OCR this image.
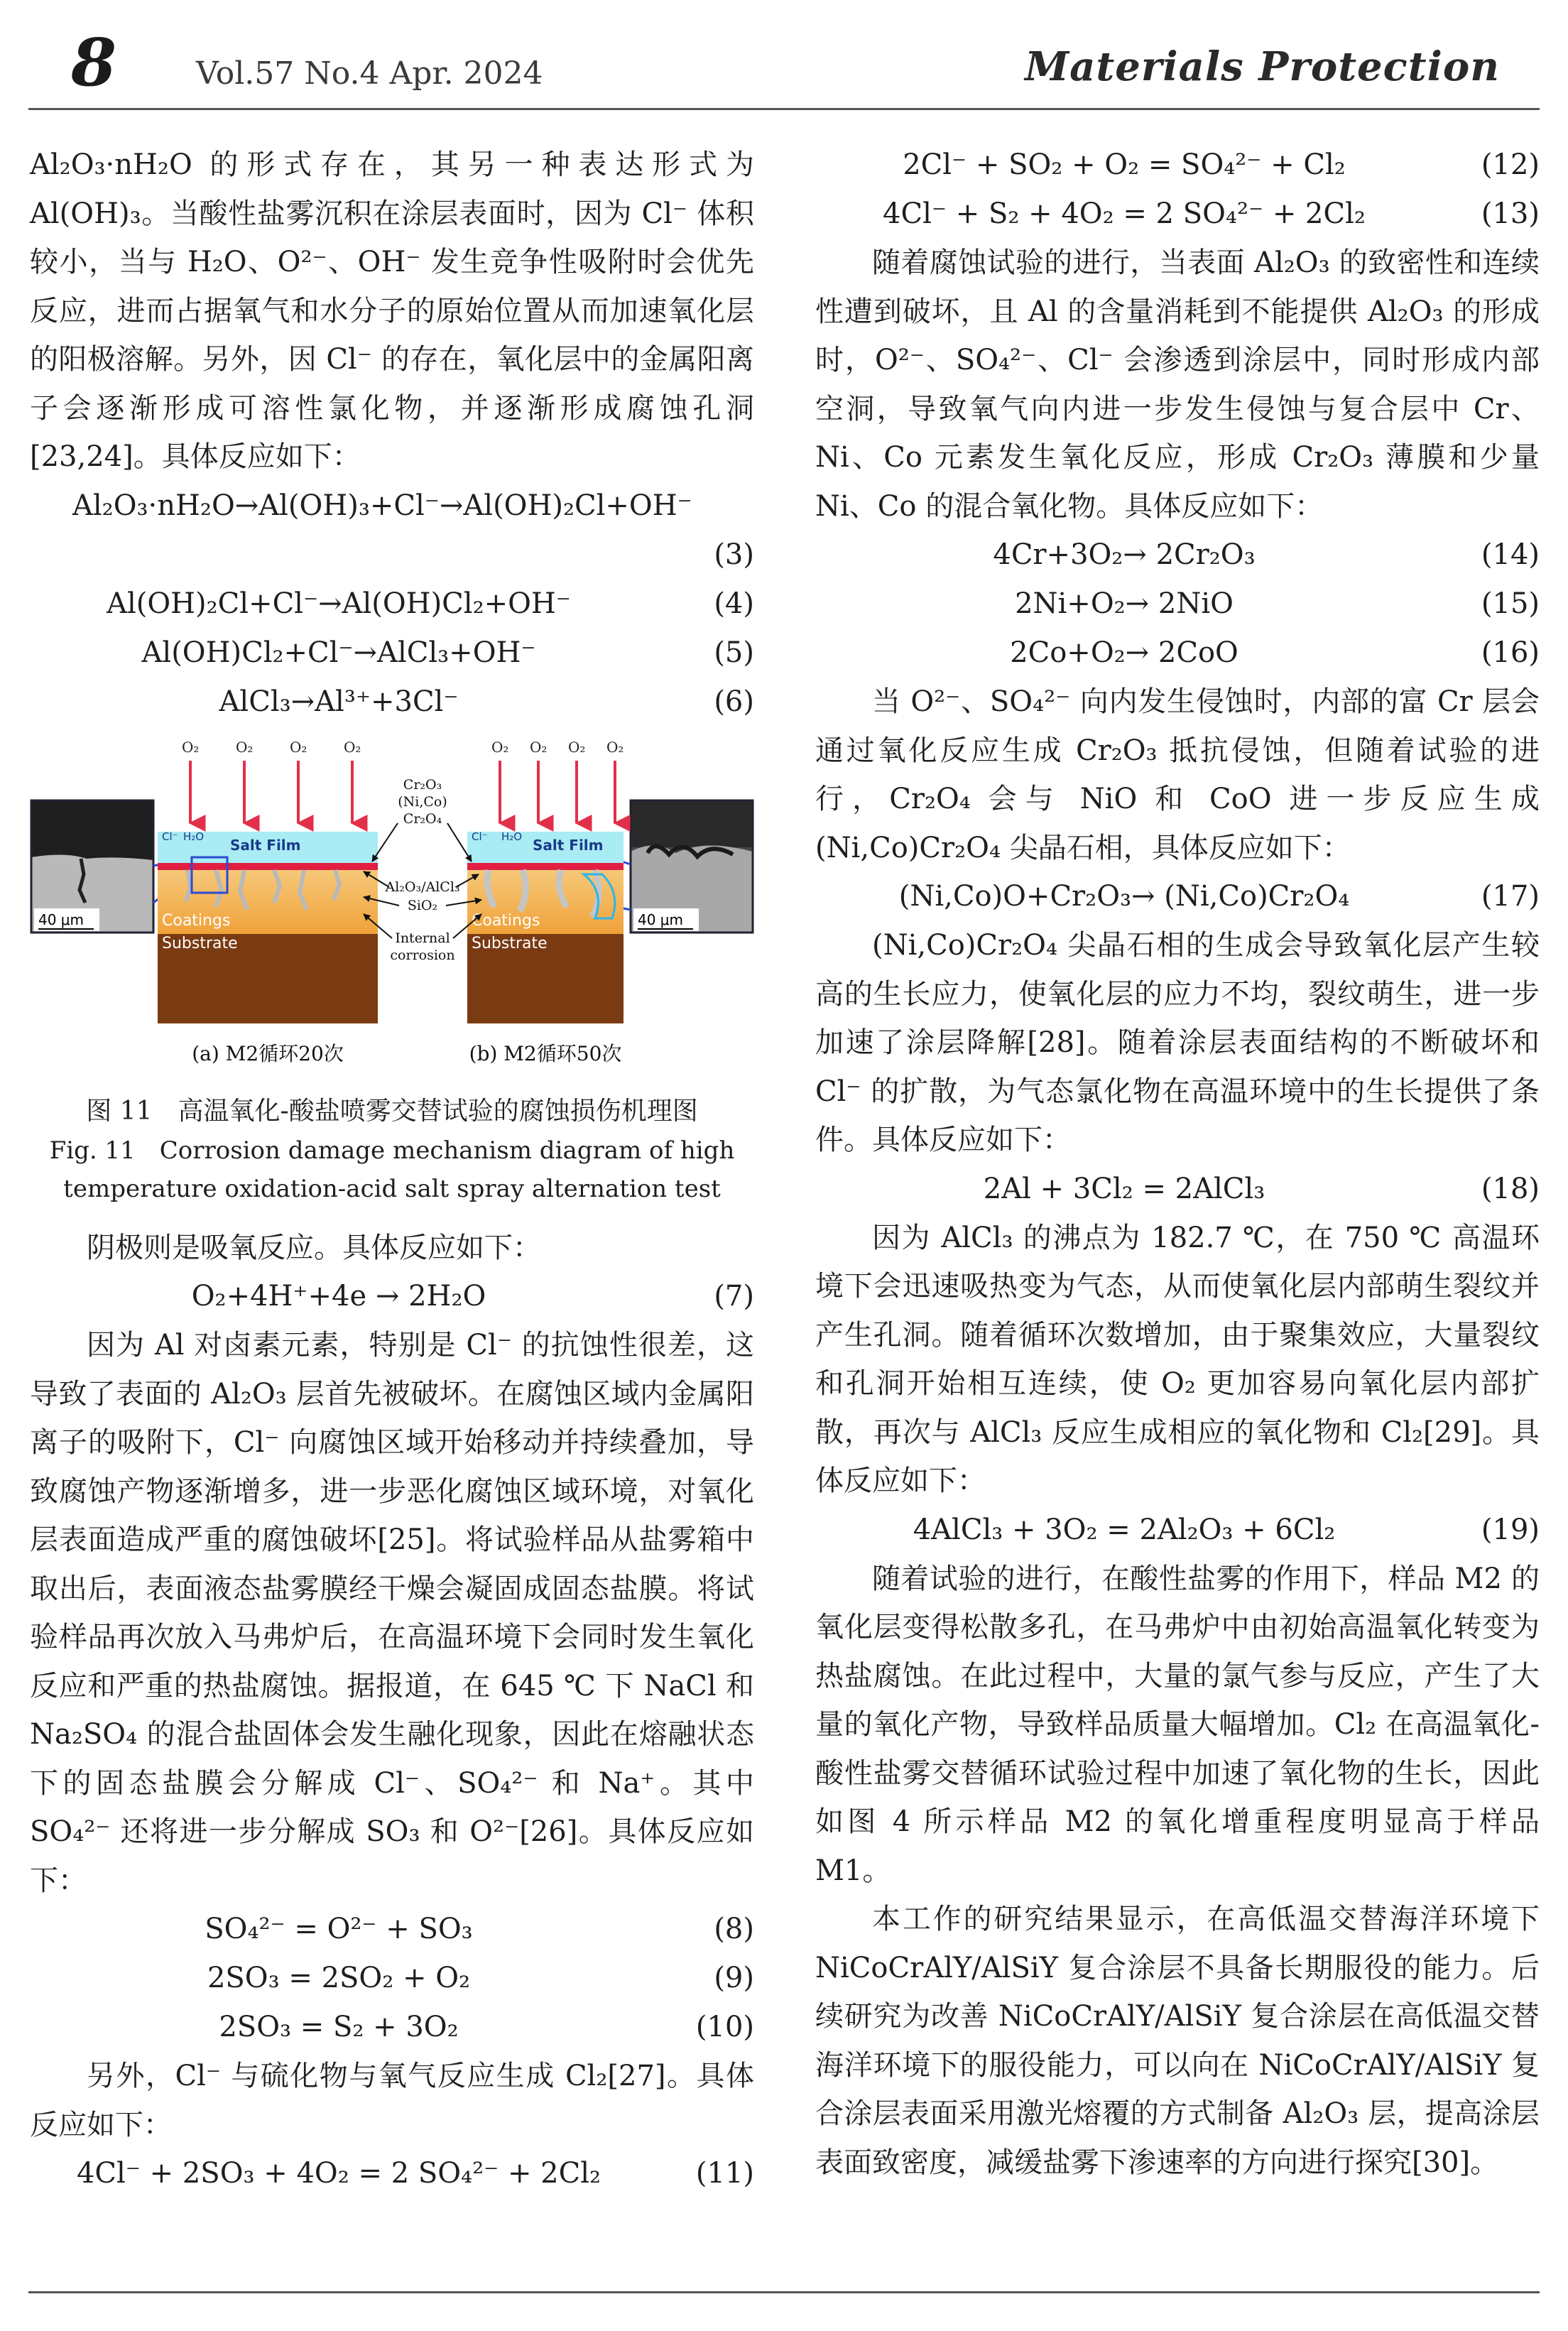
8	Vol.57 No.4 Apr. 2024	Materials Protection

Al₂O₃·nH₂O 的形式存在，其另一种表达形式为 Al(OH)₃。当酸性盐雾沉积在涂层表面时，因为 Cl⁻ 体积较小，当与 H₂O、O²⁻、OH⁻ 发生竞争性吸附时会优先反应，进而占据氧气和水分子的原始位置从而加速氧化层的阳极溶解。另外，因 Cl⁻ 的存在，氧化层中的金属阳离子会逐渐形成可溶性氯化物，并逐渐形成腐蚀孔洞[23,24]。具体反应如下：

Al₂O₃·nH₂O→Al(OH)₃+Cl⁻→Al(OH)₂Cl+OH⁻
(3)
Al(OH)₂Cl+Cl⁻→Al(OH)Cl₂+OH⁻	(4)
Al(OH)Cl₂+Cl⁻→AlCl₃+OH⁻	(5)
AlCl₃→Al³⁺+3Cl⁻	(6)
40 μm	40 μm
Salt Film
Cl⁻ H₂O
Coatings
Substrate
O₂	O₂	O₂	O₂
Salt Film
Cl⁻ H₂O
Coatings
Substrate
O₂ O₂ O₂ O₂
Cr₂O₃
(Ni,Co)
Cr₂O₄
Al₂O₃/AlCl₃
SiO₂
Internal
corrosion
(a) M2循环20次	(b) M2循环50次
图 11　高温氧化-酸盐喷雾交替试验的腐蚀损伤机理图
Fig. 11　Corrosion damage mechanism diagram of high temperature oxidation-acid salt spray alternation test

阴极则是吸氧反应。具体反应如下：

O₂+4H⁺+4e → 2H₂O	(7)

因为 Al 对卤素元素，特别是 Cl⁻ 的抗蚀性很差，这导致了表面的 Al₂O₃ 层首先被破坏。在腐蚀区域内金属阳离子的吸附下，Cl⁻ 向腐蚀区域开始移动并持续叠加，导致腐蚀产物逐渐增多，进一步恶化腐蚀区域环境，对氧化层表面造成严重的腐蚀破坏[25]。将试验样品从盐雾箱中取出后，表面液态盐雾膜经干燥会凝固成固态盐膜。将试验样品再次放入马弗炉后，在高温环境下会同时发生氧化反应和严重的热盐腐蚀。据报道，在 645 ℃ 下 NaCl 和 Na₂SO₄ 的混合盐固体会发生融化现象，因此在熔融状态下的固态盐膜会分解成 Cl⁻、SO₄²⁻ 和 Na⁺。其中 SO₄²⁻ 还将进一步分解成 SO₃ 和 O²⁻[26]。具体反应如下：

SO₄²⁻ = O²⁻ + SO₃	(8)
2SO₃ = 2SO₂ + O₂	(9)
2SO₃ = S₂ + 3O₂	(10)

另外，Cl⁻ 与硫化物与氧气反应生成 Cl₂[27]。具体反应如下：

4Cl⁻ + 2SO₃ + 4O₂ = 2 SO₄²⁻ + 2Cl₂	(11)
2Cl⁻ + SO₂ + O₂ = SO₄²⁻ + Cl₂	(12)
4Cl⁻ + S₂ + 4O₂ = 2 SO₄²⁻ + 2Cl₂	(13)

随着腐蚀试验的进行，当表面 Al₂O₃ 的致密性和连续性遭到破坏，且 Al 的含量消耗到不能提供 Al₂O₃ 的形成时，O²⁻、SO₄²⁻、Cl⁻ 会渗透到涂层中，同时形成内部空洞，导致氧气向内进一步发生侵蚀与复合层中 Cr、Ni、Co 元素发生氧化反应，形成 Cr₂O₃ 薄膜和少量 Ni、Co 的混合氧化物。具体反应如下：

4Cr+3O₂→ 2Cr₂O₃	(14)
2Ni+O₂→ 2NiO	(15)
2Co+O₂→ 2CoO	(16)

当 O²⁻、SO₄²⁻ 向内发生侵蚀时，内部的富 Cr 层会通过氧化反应生成 Cr₂O₃ 抵抗侵蚀，但随着试验的进行，Cr₂O₄ 会与 NiO 和 CoO 进一步反应生成 (Ni,Co)Cr₂O₄ 尖晶石相，具体反应如下：

(Ni,Co)O+Cr₂O₃→ (Ni,Co)Cr₂O₄	(17)

(Ni,Co)Cr₂O₄ 尖晶石相的生成会导致氧化层产生较高的生长应力，使氧化层的应力不均，裂纹萌生，进一步加速了涂层降解[28]。随着涂层表面结构的不断破坏和 Cl⁻ 的扩散，为气态氯化物在高温环境中的生长提供了条件。具体反应如下：

2Al + 3Cl₂ = 2AlCl₃	(18)

因为 AlCl₃ 的沸点为 182.7 ℃，在 750 ℃ 高温环境下会迅速吸热变为气态，从而使氧化层内部萌生裂纹并产生孔洞。随着循环次数增加，由于聚集效应，大量裂纹和孔洞开始相互连续，使 O₂ 更加容易向氧化层内部扩散，再次与 AlCl₃ 反应生成相应的氧化物和 Cl₂[29]。具体反应如下：

4AlCl₃ + 3O₂ = 2Al₂O₃ + 6Cl₂	(19)

随着试验的进行，在酸性盐雾的作用下，样品 M2 的氧化层变得松散多孔，在马弗炉中由初始高温氧化转变为热盐腐蚀。在此过程中，大量的氯气参与反应，产生了大量的氧化产物，导致样品质量大幅增加。Cl₂ 在高温氧化-酸性盐雾交替循环试验过程中加速了氧化物的生长，因此如图 4 所示样品 M2 的氧化增重程度明显高于样品 M1。

本工作的研究结果显示，在高低温交替海洋环境下 NiCoCrAlY/AlSiY 复合涂层不具备长期服役的能力。后续研究为改善 NiCoCrAlY/AlSiY 复合涂层在高低温交替海洋环境下的服役能力，可以向在 NiCoCrAlY/AlSiY 复合涂层表面采用激光熔覆的方式制备 Al₂O₃ 层，提高涂层表面致密度，减缓盐雾下渗速率的方向进行探究[30]。
